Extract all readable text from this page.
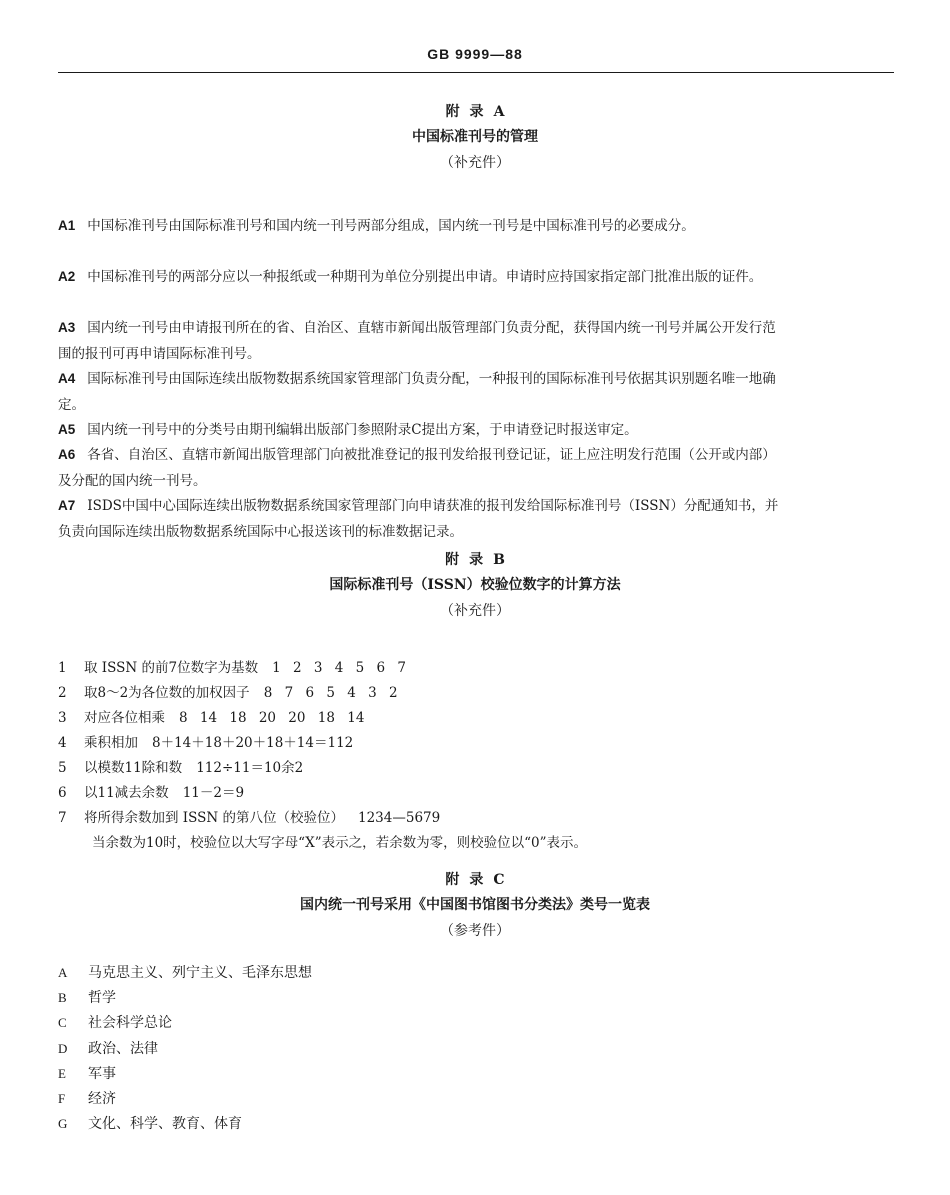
GB 9999—88
附录A
中国标准刊号的管理
（补充件）
A1 中国标准刊号由国际标准刊号和国内统一刊号两部分组成，国内统一刊号是中国标准刊号的必要成分。
A2 中国标准刊号的两部分应以一种报纸或一种期刊为单位分别提出申请。申请时应持国家指定部门批准出版的证件。
A3 国内统一刊号由申请报刊所在的省、自治区、直辖市新闻出版管理部门负责分配，获得国内统一刊号并属公开发行范围的报刊可再申请国际标准刊号。
A4 国际标准刊号由国际连续出版物数据系统国家管理部门负责分配，一种报刊的国际标准刊号依据其识别题名唯一地确定。
A5 国内统一刊号中的分类号由期刊编辑出版部门参照附录C提出方案，于申请登记时报送审定。
A6 各省、自治区、直辖市新闻出版管理部门向被批准登记的报刊发给报刊登记证，证上应注明发行范围（公开或内部）及分配的国内统一刊号。
A7 ISDS中国中心国际连续出版物数据系统国家管理部门向申请获准的报刊发给国际标准刊号（ISSN）分配通知书，并负责向国际连续出版物数据系统国际中心报送该刊的标准数据记录。
附录B
国际标准刊号（ISSN）校验位数字的计算方法
（补充件）
1 取 ISSN 的前7位数字为基数 1 2 3 4 5 6 7
2 取8～2为各位数的加权因子 8 7 6 5 4 3 2
3 对应各位相乘 8 14 18 20 20 18 14
4 乘积相加 8＋14＋18＋20＋18＋14＝112
5 以模数11除和数 112÷11＝10余2
6 以11减去余数 11－2＝9
7 将所得余数加到 ISSN 的第八位（校验位） 1234—5679
当余数为10时，校验位以大写字母“X”表示之，若余数为零，则校验位以“0”表示。
附录C
国内统一刊号采用《中国图书馆图书分类法》类号一览表
（参考件）
A 马克思主义、列宁主义、毛泽东思想
B 哲学
C 社会科学总论
D 政治、法律
E 军事
F 经济
G 文化、科学、教育、体育
